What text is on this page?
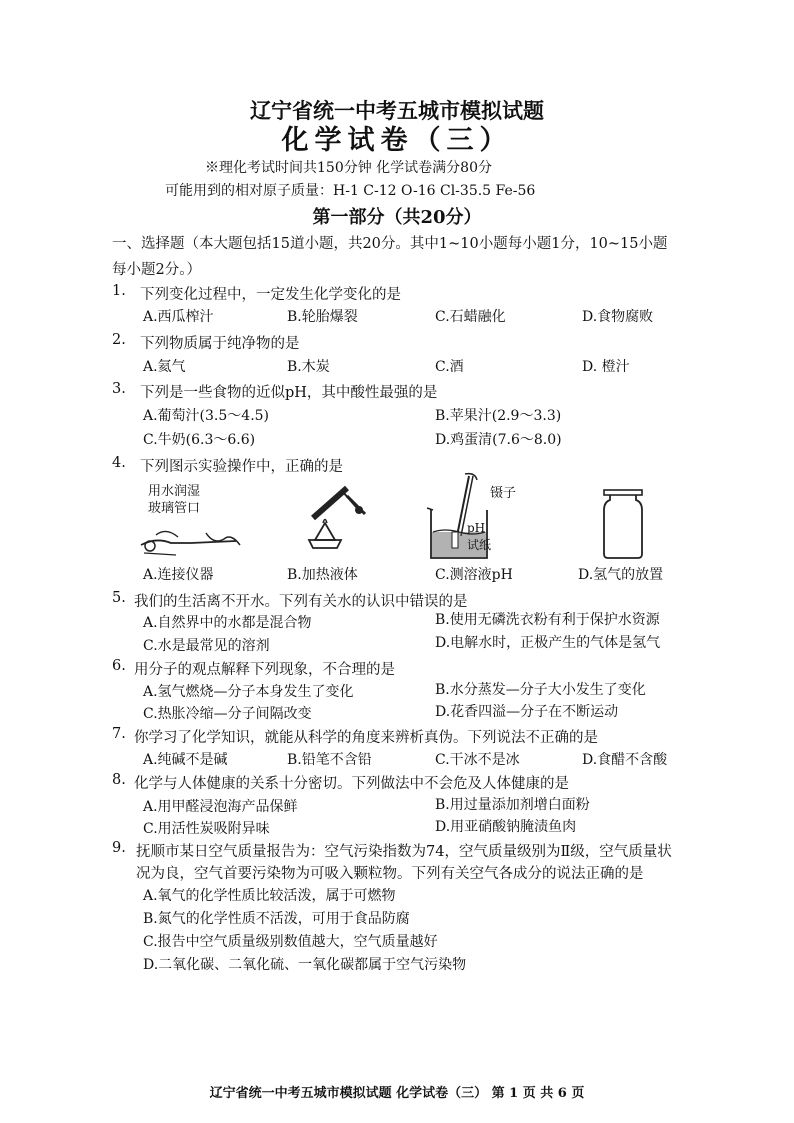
辽宁省统一中考五城市模拟试题
化学试卷（三）
※理化考试时间共150分钟 化学试卷满分80分
可能用到的相对原子质量：H-1 C-12 O-16 Cl-35.5 Fe-56
第一部分（共20分）
一、选择题（本大题包括15道小题，共20分。其中1~10小题每小题1分，10~15小题
每小题2分。）
1. 下列变化过程中，一定发生化学变化的是
A.西瓜榨汁	B.轮胎爆裂	C.石蜡融化	D.食物腐败
2. 下列物质属于纯净物的是
A.氦气	B.木炭	C.酒	D. 橙汁
3. 下列是一些食物的近似pH，其中酸性最强的是
A.葡萄汁(3.5～4.5)	B.苹果汁(2.9～3.3)
C.牛奶(6.3～6.6)	D.鸡蛋清(7.6～8.0)
4. 下列图示实验操作中，正确的是
用水润湿
玻璃管口
镊子
pH
试纸
A.连接仪器	B.加热液体	C.测溶液pH	D.氢气的放置
5. 我们的生活离不开水。下列有关水的认识中错误的是
A.自然界中的水都是混合物	B.使用无磷洗衣粉有利于保护水资源
C.水是最常见的溶剂	D.电解水时，正极产生的气体是氢气
6. 用分子的观点解释下列现象，不合理的是
A.氢气燃烧—分子本身发生了变化	B.水分蒸发—分子大小发生了变化
C.热胀冷缩—分子间隔改变	D.花香四溢—分子在不断运动
7. 你学习了化学知识，就能从科学的角度来辨析真伪。下列说法不正确的是
A.纯碱不是碱	B.铅笔不含铅	C.干冰不是冰	D.食醋不含酸
8. 化学与人体健康的关系十分密切。下列做法中不会危及人体健康的是
A.用甲醛浸泡海产品保鲜	B.用过量添加剂增白面粉
C.用活性炭吸附异味	D.用亚硝酸钠腌渍鱼肉
9. 抚顺市某日空气质量报告为：空气污染指数为74，空气质量级别为Ⅱ级，空气质量状
况为良，空气首要污染物为可吸入颗粒物。下列有关空气各成分的说法正确的是
A.氧气的化学性质比较活泼，属于可燃物
B.氮气的化学性质不活泼，可用于食品防腐
C.报告中空气质量级别数值越大，空气质量越好
D.二氧化碳、二氧化硫、一氧化碳都属于空气污染物
辽宁省统一中考五城市模拟试题 化学试卷（三） 第 1 页 共 6 页
